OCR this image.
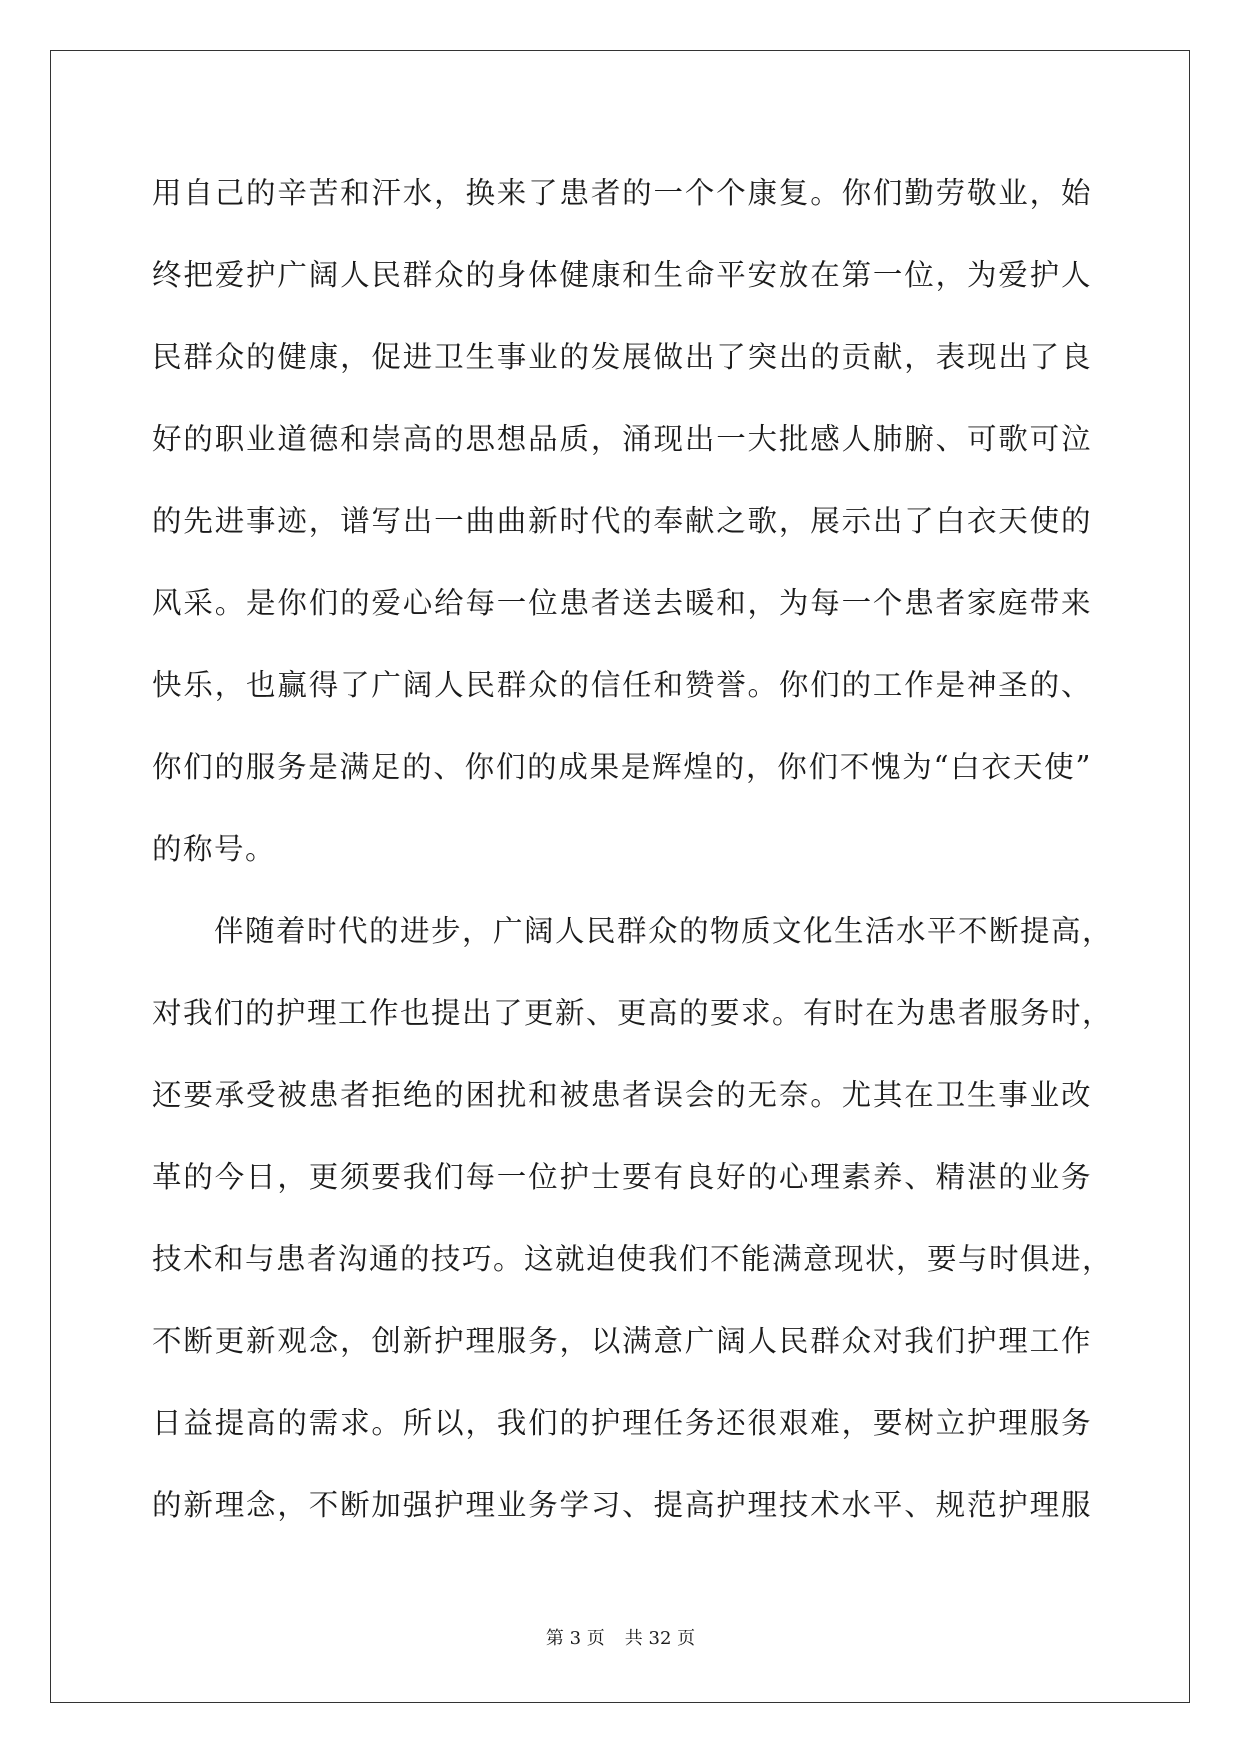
用自己的辛苦和汗水，换来了患者的一个个康复。你们勤劳敬业，始
终把爱护广阔人民群众的身体健康和生命平安放在第一位，为爱护人
民群众的健康，促进卫生事业的发展做出了突出的贡献，表现出了良
好的职业道德和崇高的思想品质，涌现出一大批感人肺腑、可歌可泣
的先进事迹，谱写出一曲曲新时代的奉献之歌，展示出了白衣天使的
风采。是你们的爱心给每一位患者送去暖和，为每一个患者家庭带来
快乐，也赢得了广阔人民群众的信任和赞誉。你们的工作是神圣的、
你们的服务是满足的、你们的成果是辉煌的，你们不愧为“白衣天使”
的称号。
伴随着时代的进步，广阔人民群众的物质文化生活水平不断提高，
对我们的护理工作也提出了更新、更高的要求。有时在为患者服务时，
还要承受被患者拒绝的困扰和被患者误会的无奈。尤其在卫生事业改
革的今日，更须要我们每一位护士要有良好的心理素养、精湛的业务
技术和与患者沟通的技巧。这就迫使我们不能满意现状，要与时俱进，
不断更新观念，创新护理服务，以满意广阔人民群众对我们护理工作
日益提高的需求。所以，我们的护理任务还很艰难，要树立护理服务
的新理念，不断加强护理业务学习、提高护理技术水平、规范护理服
第 3 页 共 32 页
